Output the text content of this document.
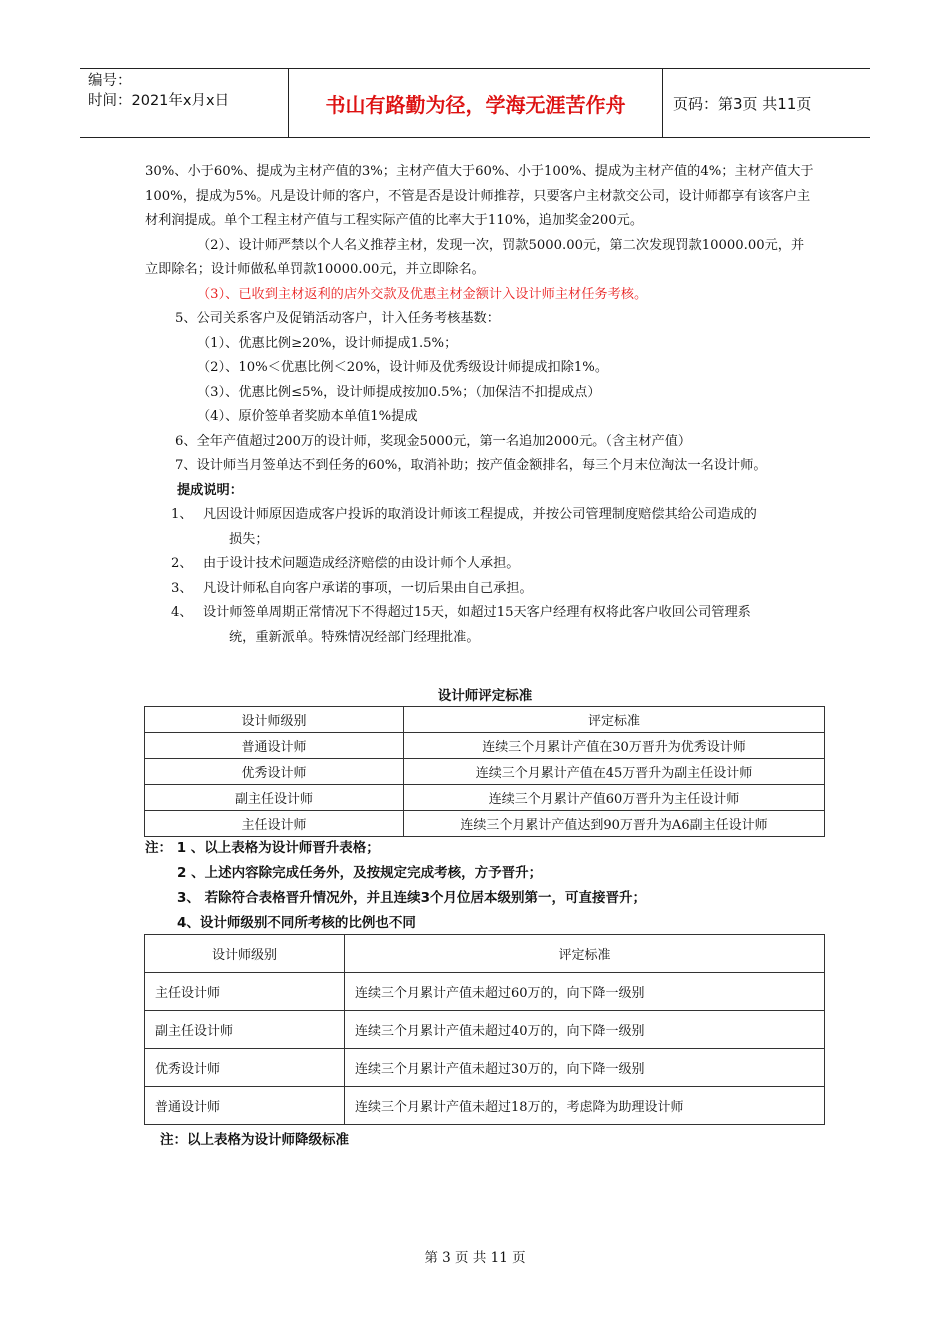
编号：
时间：2021年x月x日	书山有路勤为径，学海无涯苦作舟	页码：第3页 共11页

30%、小于60%、提成为主材产值的3%；主材产值大于60%、小于100%、提成为主材产值的4%；主材产值大于100%，提成为5%。凡是设计师的客户，不管是否是设计师推荐，只要客户主材款交公司，设计师都享有该客户主材利润提成。单个工程主材产值与工程实际产值的比率大于110%，追加奖金200元。

（2）、设计师严禁以个人名义推荐主材，发现一次，罚款5000.00元，第二次发现罚款10000.00元，并立即除名；设计师做私单罚款10000.00元，并立即除名。

（3）、已收到主材返利的店外交款及优惠主材金额计入设计师主材任务考核。

5、公司关系客户及促销活动客户，计入任务考核基数：

（1）、优惠比例≥20%，设计师提成1.5%；

（2）、10%＜优惠比例＜20%，设计师及优秀级设计师提成扣除1%。

（3）、优惠比例≤5%，设计师提成按加0.5%；（加保洁不扣提成点）

（4）、原价签单者奖励本单值1%提成

6、全年产值超过200万的设计师，奖现金5000元，第一名追加2000元。（含主材产值）

7、设计师当月签单达不到任务的60%，取消补助；按产值金额排名，每三个月末位淘汰一名设计师。

提成说明：

1、 凡因设计师原因造成客户投诉的取消设计师该工程提成，并按公司管理制度赔偿其给公司造成的
损失；
2、 由于设计技术问题造成经济赔偿的由设计师个人承担。
3、 凡设计师私自向客户承诺的事项，一切后果由自己承担。
4、 设计师签单周期正常情况下不得超过15天，如超过15天客户经理有权将此客户收回公司管理系
统，重新派单。特殊情况经部门经理批准。
设计师评定标准
设计师级别	评定标准
普通设计师	连续三个月累计产值在30万晋升为优秀设计师
优秀设计师	连续三个月累计产值在45万晋升为副主任设计师
副主任设计师	连续三个月累计产值60万晋升为主任设计师
主任设计师	连续三个月累计产值达到90万晋升为A6副主任设计师
注： 1 、以上表格为设计师晋升表格；
2 、上述内容除完成任务外，及按规定完成考核，方予晋升；
3、 若除符合表格晋升情况外，并且连续3个月位居本级别第一，可直接晋升；
4、设计师级别不同所考核的比例也不同
设计师级别	评定标准
主任设计师	连续三个月累计产值未超过60万的，向下降一级别
副主任设计师	连续三个月累计产值未超过40万的，向下降一级别
优秀设计师	连续三个月累计产值未超过30万的，向下降一级别
普通设计师	连续三个月累计产值未超过18万的，考虑降为助理设计师
注：以上表格为设计师降级标准
第 3 页 共 11 页
